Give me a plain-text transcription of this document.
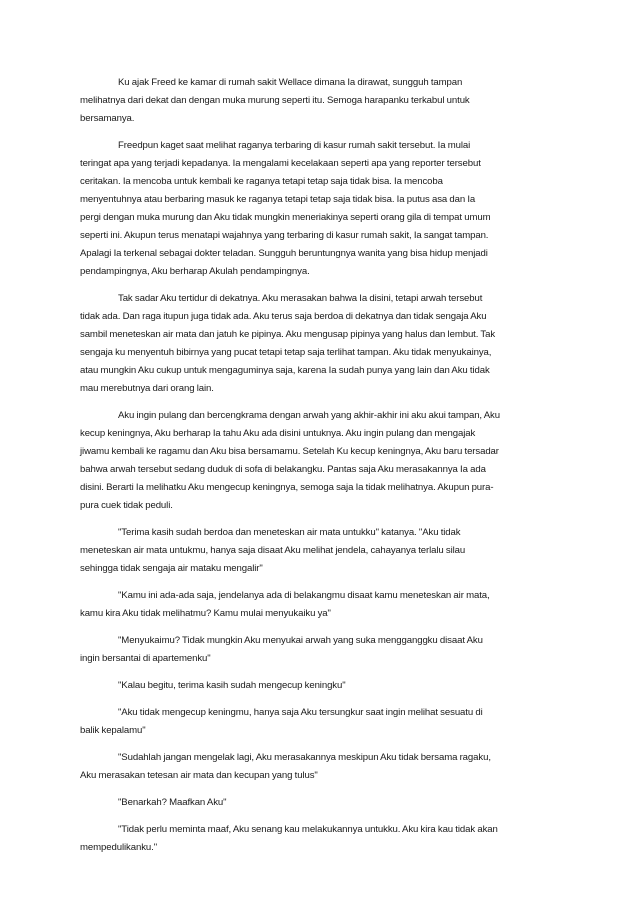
Ku ajak Freed ke kamar di rumah sakit Wellace dimana Ia dirawat, sungguh tampan
melihatnya dari dekat dan dengan muka murung seperti itu. Semoga harapanku terkabul untuk
bersamanya.
Freedpun kaget saat melihat raganya terbaring di kasur rumah sakit tersebut. Ia mulai
teringat apa yang terjadi kepadanya. Ia mengalami kecelakaan seperti apa yang reporter tersebut
ceritakan. Ia mencoba untuk kembali ke raganya tetapi tetap saja tidak bisa. Ia mencoba
menyentuhnya atau berbaring masuk ke raganya tetapi tetap saja tidak bisa. Ia putus asa dan Ia
pergi dengan muka murung dan Aku tidak mungkin meneriakinya seperti orang gila di tempat umum
seperti ini. Akupun terus menatapi wajahnya yang terbaring di kasur rumah sakit, Ia sangat tampan.
Apalagi Ia terkenal sebagai dokter teladan. Sungguh beruntungnya wanita yang bisa hidup menjadi
pendampingnya, Aku berharap Akulah pendampingnya.
Tak sadar Aku tertidur di dekatnya. Aku merasakan bahwa Ia disini, tetapi arwah tersebut
tidak ada. Dan raga itupun juga tidak ada. Aku terus saja berdoa di dekatnya dan tidak sengaja Aku
sambil meneteskan air mata dan jatuh ke pipinya. Aku mengusap pipinya yang halus dan lembut. Tak
sengaja ku menyentuh bibirnya yang pucat tetapi tetap saja terlihat tampan. Aku tidak menyukainya,
atau mungkin Aku cukup untuk mengaguminya saja, karena Ia sudah punya yang lain dan Aku tidak
mau merebutnya dari orang lain.
Aku ingin pulang dan bercengkrama dengan arwah yang akhir-akhir ini aku akui tampan, Aku
kecup keningnya, Aku berharap Ia tahu Aku ada disini untuknya. Aku ingin pulang dan mengajak
jiwamu kembali ke ragamu dan Aku bisa bersamamu. Setelah Ku kecup keningnya, Aku baru tersadar
bahwa arwah tersebut sedang duduk di sofa di belakangku. Pantas saja Aku merasakannya Ia ada
disini. Berarti Ia melihatku Aku mengecup keningnya, semoga saja Ia tidak melihatnya. Akupun pura-
pura cuek tidak peduli.
"Terima kasih sudah berdoa dan meneteskan air mata untukku" katanya. "Aku tidak
meneteskan air mata untukmu, hanya saja disaat Aku melihat jendela, cahayanya terlalu silau
sehingga tidak sengaja air mataku mengalir"
"Kamu ini ada-ada saja, jendelanya ada di belakangmu disaat kamu meneteskan air mata,
kamu kira Aku tidak melihatmu? Kamu mulai menyukaiku ya"
"Menyukaimu? Tidak mungkin Aku menyukai arwah yang suka mengganggku disaat Aku
ingin bersantai di apartemenku"
"Kalau begitu, terima kasih sudah mengecup keningku"
"Aku tidak mengecup keningmu, hanya saja Aku tersungkur saat ingin melihat sesuatu di
balik kepalamu"
"Sudahlah jangan mengelak lagi, Aku merasakannya meskipun Aku tidak bersama ragaku,
Aku merasakan tetesan air mata dan kecupan yang tulus"
"Benarkah? Maafkan Aku"
"Tidak perlu meminta maaf, Aku senang kau melakukannya untukku. Aku kira kau tidak akan
mempedulikanku."
